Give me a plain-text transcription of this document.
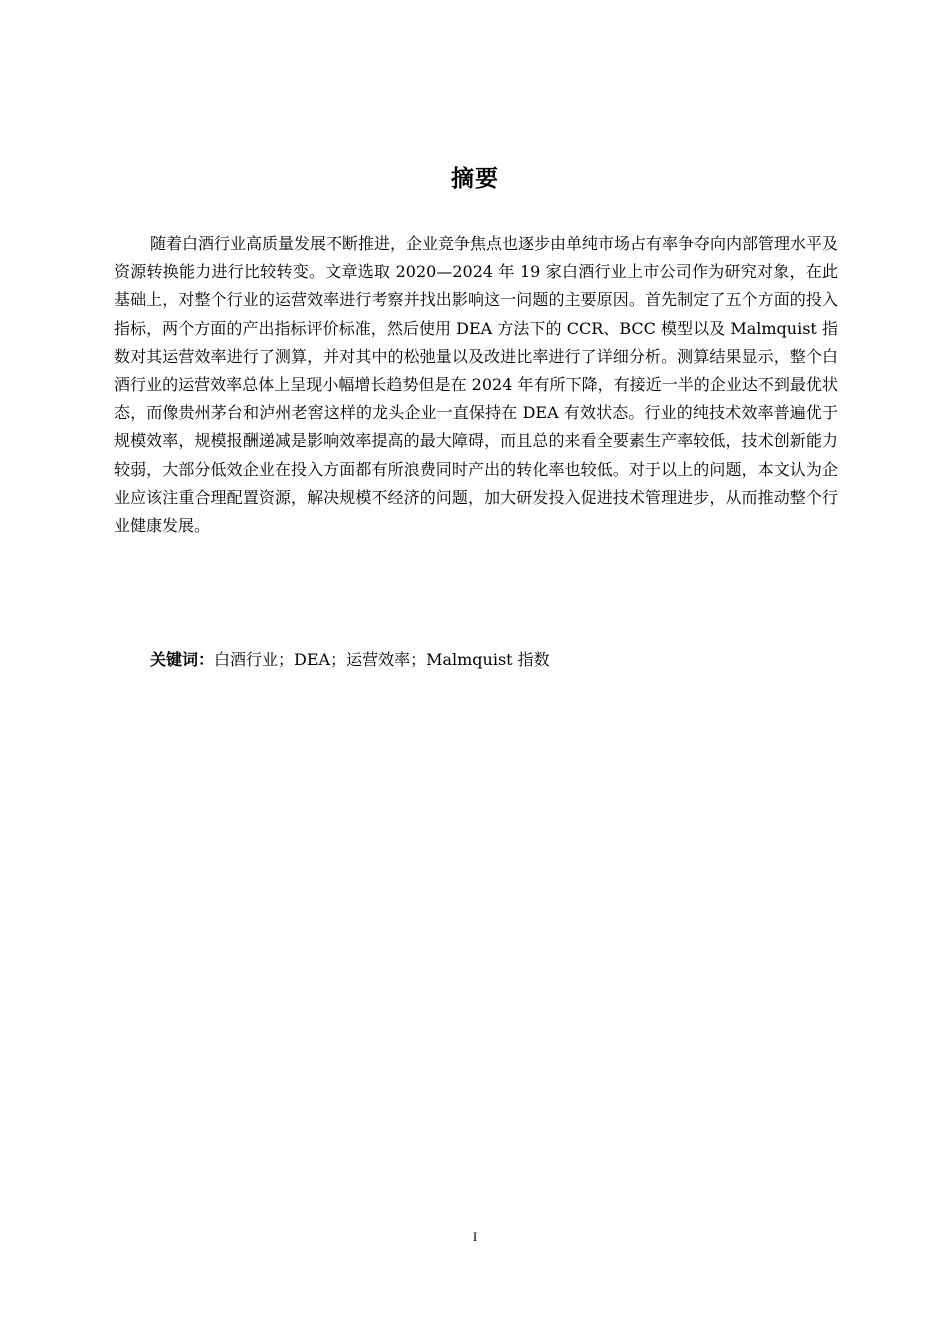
摘要

随着白酒行业高质量发展不断推进，企业竞争焦点也逐步由单纯市场占有率争夺向内部管理水平及资源转换能力进行比较转变。文章选取 2020—2024 年 19 家白酒行业上市公司作为研究对象，在此基础上，对整个行业的运营效率进行考察并找出影响这一问题的主要原因。首先制定了五个方面的投入指标，两个方面的产出指标评价标准，然后使用 DEA 方法下的 CCR、BCC 模型以及 Malmquist 指数对其运营效率进行了测算，并对其中的松弛量以及改进比率进行了详细分析。测算结果显示，整个白酒行业的运营效率总体上呈现小幅增长趋势但是在 2024 年有所下降，有接近一半的企业达不到最优状态，而像贵州茅台和泸州老窖这样的龙头企业一直保持在 DEA 有效状态。行业的纯技术效率普遍优于规模效率，规模报酬递减是影响效率提高的最大障碍，而且总的来看全要素生产率较低，技术创新能力较弱，大部分低效企业在投入方面都有所浪费同时产出的转化率也较低。对于以上的问题，本文认为企业应该注重合理配置资源，解决规模不经济的问题，加大研发投入促进技术管理进步，从而推动整个行业健康发展。

关键词：白酒行业；DEA；运营效率；Malmquist 指数
I
